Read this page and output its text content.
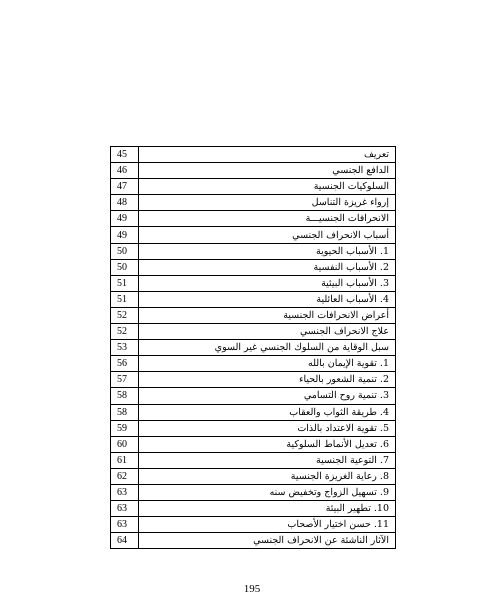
45	تعريف
46	الدافع الجنسي
47	السلوكيات الجنسية
48	إرواء غريزة التناسل
49	الانحرافات الجنسيـــة
49	أسباب الانحراف الجنسي
50	1. الأسباب الحيوية
50	2. الأسباب النفسية
51	3. الأسباب البيئية
51	4. الأسباب العائلية
52	أعراض الانحرافات الجنسية
52	علاج الانحراف الجنسي
53	سبل الوقاية من السلوك الجنسي غير السوي
56	1. تقوية الإيمان بالله
57	2. تنمية الشعور بالحياء
58	3. تنمية روح التسامي
58	4. طريقة الثواب والعقاب
59	5. تقوية الاعتداد بالذات
60	6. تعديل الأنماط السلوكية
61	7. التوعية الجنسية
62	8. رعاية الغريزة الجنسية
63	9. تسهيل الزواج وتخفيض سنه
63	10. تطهير البيئة
63	11. حسن اختيار الأصحاب
64	الآثار الناشئة عن الانحراف الجنسي
195
